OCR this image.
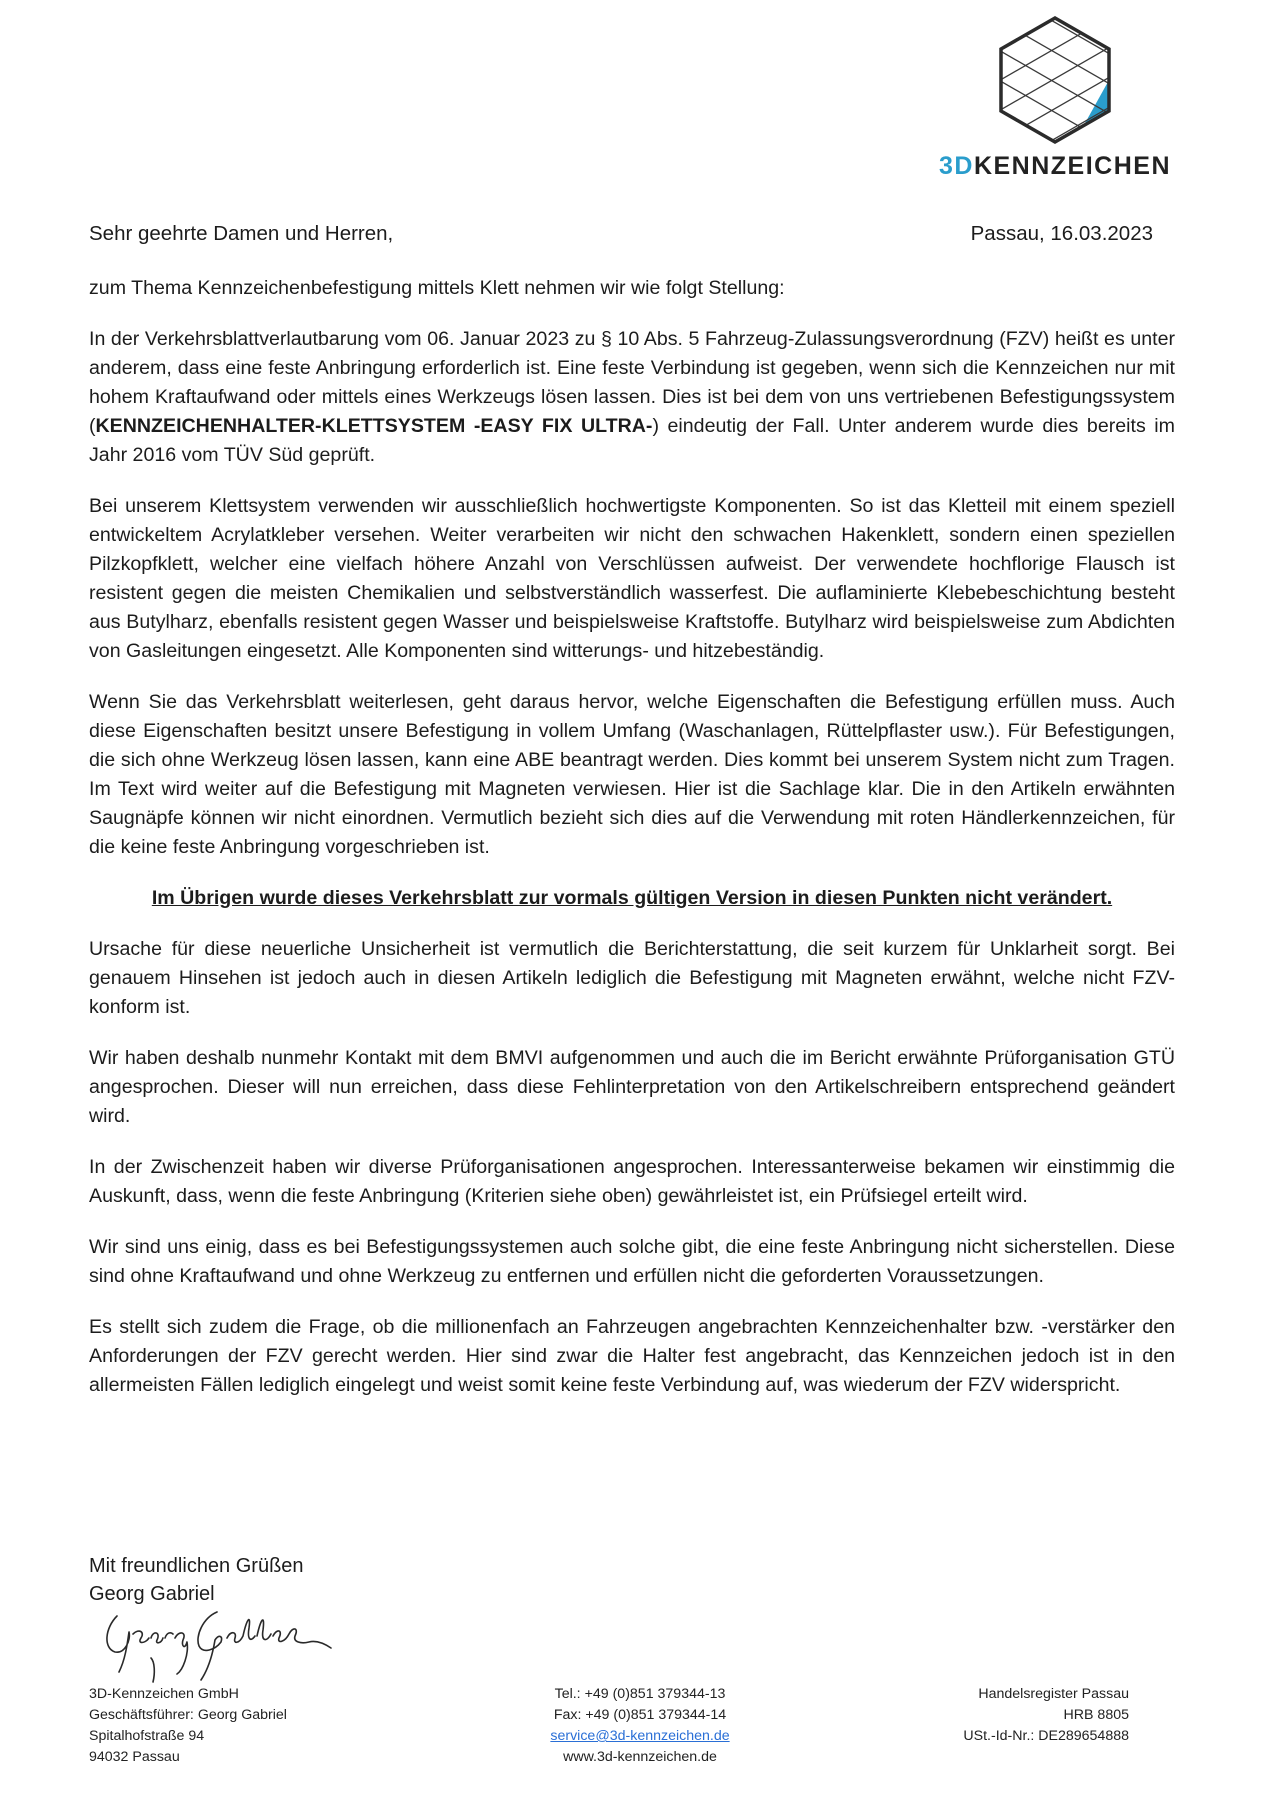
3DKENNZEICHEN
Sehr geehrte Damen und Herren,	Passau, 16.03.2023

zum Thema Kennzeichenbefestigung mittels Klett nehmen wir wie folgt Stellung:

In der Verkehrsblattverlautbarung vom 06. Januar 2023 zu § 10 Abs. 5 Fahrzeug-Zulassungsverordnung (FZV) heißt es unter anderem, dass eine feste Anbringung erforderlich ist. Eine feste Verbindung ist gegeben, wenn sich die Kennzeichen nur mit hohem Kraftaufwand oder mittels eines Werkzeugs lösen lassen. Dies ist bei dem von uns vertriebenen Befestigungssystem (KENNZEICHENHALTER-KLETTSYSTEM -EASY FIX ULTRA-) eindeutig der Fall. Unter anderem wurde dies bereits im Jahr 2016 vom TÜV Süd geprüft.

Bei unserem Klettsystem verwenden wir ausschließlich hochwertigste Komponenten. So ist das Kletteil mit einem speziell entwickeltem Acrylatkleber versehen. Weiter verarbeiten wir nicht den schwachen Hakenklett, sondern einen speziellen Pilzkopfklett, welcher eine vielfach höhere Anzahl von Verschlüssen aufweist. Der verwendete hochflorige Flausch ist resistent gegen die meisten Chemikalien und selbstverständlich wasserfest. Die auflaminierte Klebebeschichtung besteht aus Butylharz, ebenfalls resistent gegen Wasser und beispielsweise Kraftstoffe. Butylharz wird beispielsweise zum Abdichten von Gasleitungen eingesetzt. Alle Komponenten sind witterungs- und hitzebeständig.

Wenn Sie das Verkehrsblatt weiterlesen, geht daraus hervor, welche Eigenschaften die Befestigung erfüllen muss. Auch diese Eigenschaften besitzt unsere Befestigung in vollem Umfang (Waschanlagen, Rüttelpflaster usw.). Für Befestigungen, die sich ohne Werkzeug lösen lassen, kann eine ABE beantragt werden. Dies kommt bei unserem System nicht zum Tragen. Im Text wird weiter auf die Befestigung mit Magneten verwiesen. Hier ist die Sachlage klar. Die in den Artikeln erwähnten Saugnäpfe können wir nicht einordnen. Vermutlich bezieht sich dies auf die Verwendung mit roten Händlerkennzeichen, für die keine feste Anbringung vorgeschrieben ist.

Im Übrigen wurde dieses Verkehrsblatt zur vormals gültigen Version in diesen Punkten nicht verändert.

Ursache für diese neuerliche Unsicherheit ist vermutlich die Berichterstattung, die seit kurzem für Unklarheit sorgt. Bei genauem Hinsehen ist jedoch auch in diesen Artikeln lediglich die Befestigung mit Magneten erwähnt, welche nicht FZV-konform ist.

Wir haben deshalb nunmehr Kontakt mit dem BMVI aufgenommen und auch die im Bericht erwähnte Prüforganisation GTÜ angesprochen. Dieser will nun erreichen, dass diese Fehlinterpretation von den Artikelschreibern entsprechend geändert wird.

In der Zwischenzeit haben wir diverse Prüforganisationen angesprochen. Interessanterweise bekamen wir einstimmig die Auskunft, dass, wenn die feste Anbringung (Kriterien siehe oben) gewährleistet ist, ein Prüfsiegel erteilt wird.

Wir sind uns einig, dass es bei Befestigungssystemen auch solche gibt, die eine feste Anbringung nicht sicherstellen. Diese sind ohne Kraftaufwand und ohne Werkzeug zu entfernen und erfüllen nicht die geforderten Voraussetzungen.

Es stellt sich zudem die Frage, ob die millionenfach an Fahrzeugen angebrachten Kennzeichenhalter bzw. -verstärker den Anforderungen der FZV gerecht werden. Hier sind zwar die Halter fest angebracht, das Kennzeichen jedoch ist in den allermeisten Fällen lediglich eingelegt und weist somit keine feste Verbindung auf, was wiederum der FZV widerspricht.

Mit freundlichen Grüßen
Georg Gabriel
3D-Kennzeichen GmbH
Geschäftsführer: Georg Gabriel
Spitalhofstraße 94
94032 Passau
Tel.: +49 (0)851 379344-13
Fax: +49 (0)851 379344-14
service@3d-kennzeichen.de
www.3d-kennzeichen.de
Handelsregister Passau
HRB 8805
USt.-Id-Nr.: DE289654888
